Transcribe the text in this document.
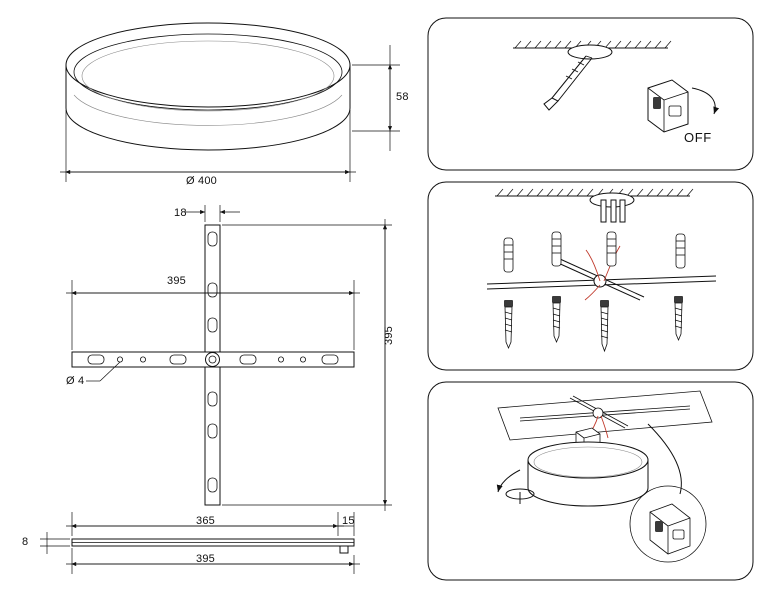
58
Ø 400
18
395
395
Ø 4
365	15
8
395
OFF
